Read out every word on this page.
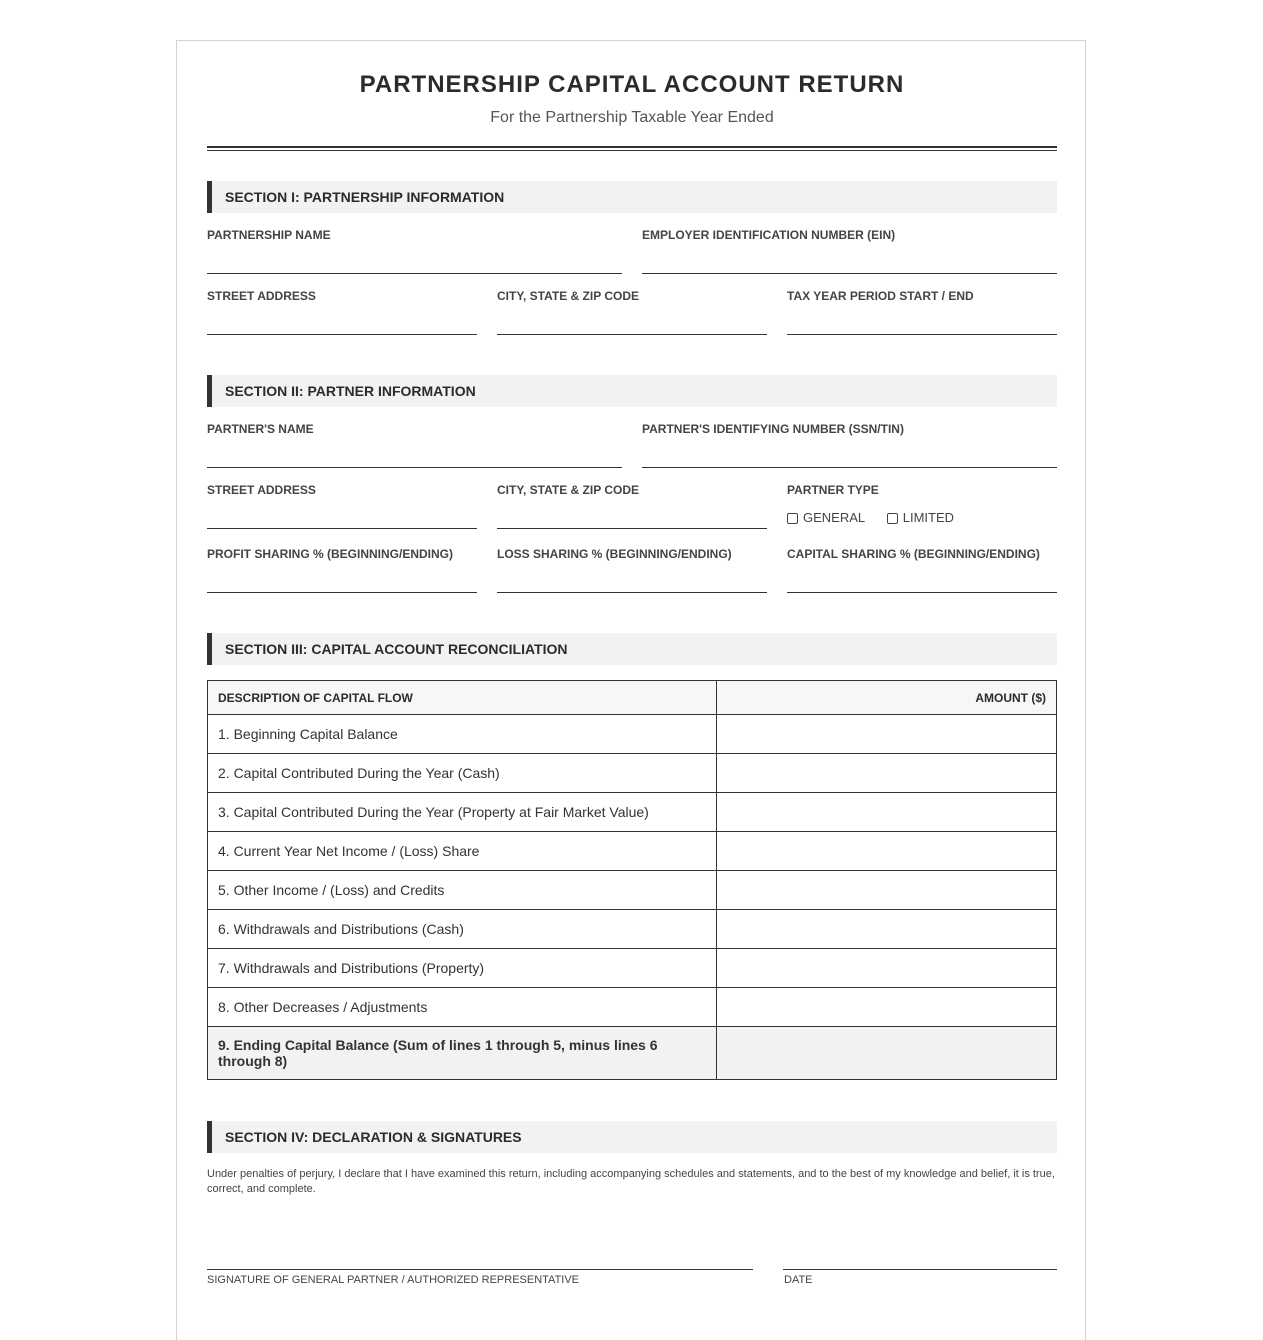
PARTNERSHIP CAPITAL ACCOUNT RETURN
For the Partnership Taxable Year Ended
SECTION I: PARTNERSHIP INFORMATION
PARTNERSHIP NAME	EMPLOYER IDENTIFICATION NUMBER (EIN)
STREET ADDRESS	CITY, STATE & ZIP CODE	TAX YEAR PERIOD START / END
SECTION II: PARTNER INFORMATION
PARTNER'S NAME	PARTNER'S IDENTIFYING NUMBER (SSN/TIN)
STREET ADDRESS	CITY, STATE & ZIP CODE	PARTNER TYPE
GENERAL	LIMITED
PROFIT SHARING % (BEGINNING/ENDING)	LOSS SHARING % (BEGINNING/ENDING)	CAPITAL SHARING % (BEGINNING/ENDING)
SECTION III: CAPITAL ACCOUNT RECONCILIATION
DESCRIPTION OF CAPITAL FLOW	AMOUNT ($)
1. Beginning Capital Balance	
2. Capital Contributed During the Year (Cash)	
3. Capital Contributed During the Year (Property at Fair Market Value)	
4. Current Year Net Income / (Loss) Share	
5. Other Income / (Loss) and Credits	
6. Withdrawals and Distributions (Cash)	
7. Withdrawals and Distributions (Property)	
8. Other Decreases / Adjustments	
9. Ending Capital Balance (Sum of lines 1 through 5, minus lines 6 through 8)	
SECTION IV: DECLARATION & SIGNATURES
Under penalties of perjury, I declare that I have examined this return, including accompanying schedules and statements, and to the best of my knowledge and belief, it is true, correct, and complete.
SIGNATURE OF GENERAL PARTNER / AUTHORIZED REPRESENTATIVE	DATE
